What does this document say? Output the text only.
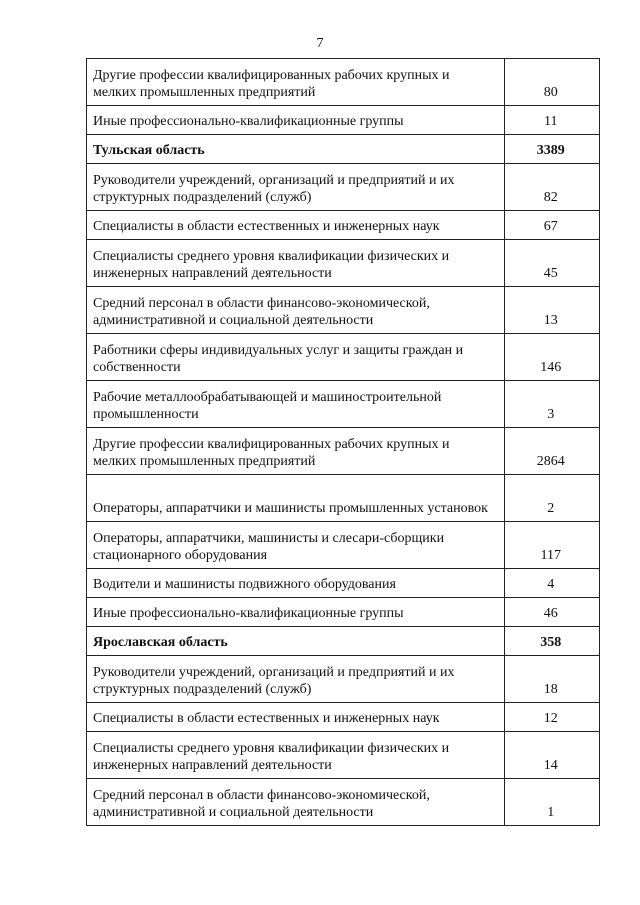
7
Другие профессии квалифицированных рабочих крупных и мелких промышленных предприятий	80
Иные профессионально-квалификационные группы	11
Тульская область	3389
Руководители учреждений, организаций и предприятий и их структурных подразделений (служб)	82
Специалисты в области естественных и инженерных наук	67
Специалисты среднего уровня квалификации физических и инженерных направлений деятельности	45
Средний персонал в области финансово-экономической, административной и социальной деятельности	13
Работники сферы индивидуальных услуг и защиты граждан и собственности	146
Рабочие металлообрабатывающей и машиностроительной промышленности	3
Другие профессии квалифицированных рабочих крупных и мелких промышленных предприятий	2864
Операторы, аппаратчики и машинисты промышленных установок	2
Операторы, аппаратчики, машинисты и слесари-сборщики стационарного оборудования	117
Водители и машинисты подвижного оборудования	4
Иные профессионально-квалификационные группы	46
Ярославская область	358
Руководители учреждений, организаций и предприятий и их структурных подразделений (служб)	18
Специалисты в области естественных и инженерных наук	12
Специалисты среднего уровня квалификации физических и инженерных направлений деятельности	14
Средний персонал в области финансово-экономической, административной и социальной деятельности	1
